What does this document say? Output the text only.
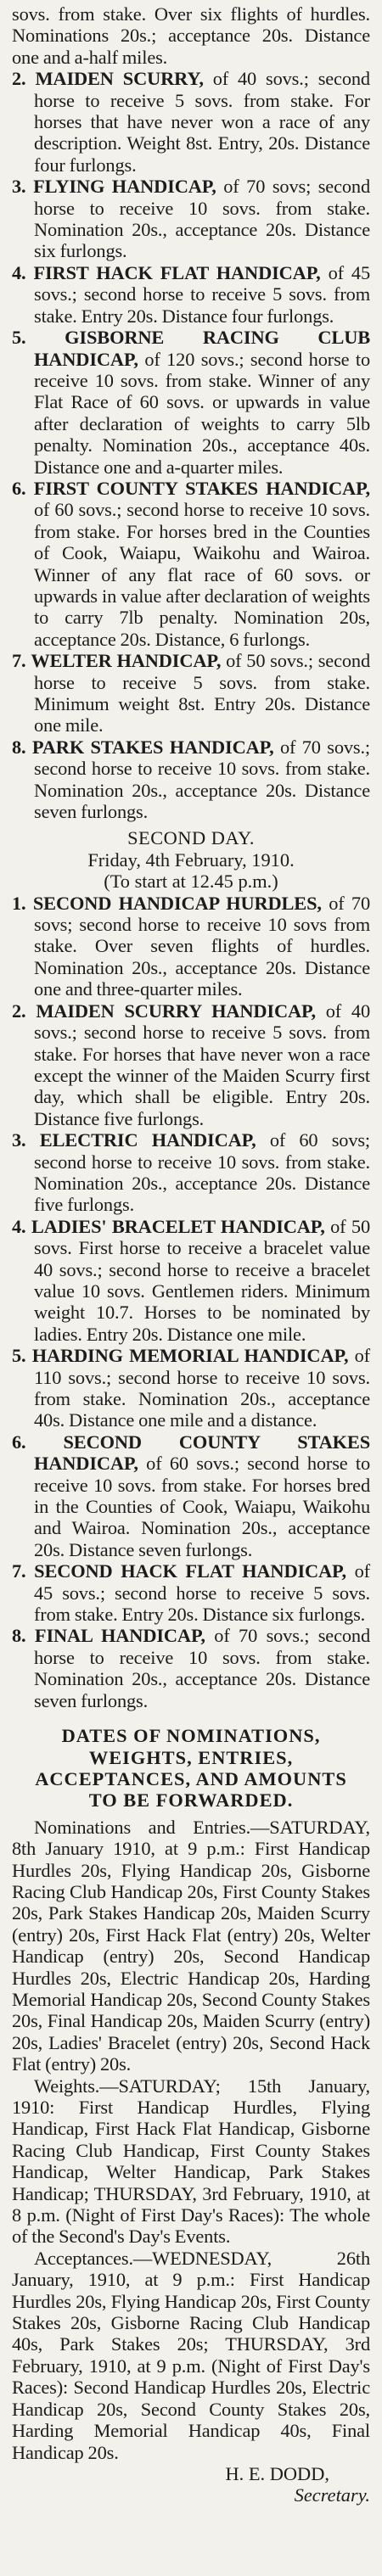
sovs. from stake. Over six flights of hurdles. Nominations 20s.; acceptance 20s. Distance one and a-half miles.

2. MAIDEN SCURRY, of 40 sovs.; second horse to receive 5 sovs. from stake. For horses that have never won a race of any description. Weight 8st. Entry, 20s. Distance four furlongs.

3. FLYING HANDICAP, of 70 sovs; second horse to receive 10 sovs. from stake. Nomination 20s., acceptance 20s. Distance six furlongs.

4. FIRST HACK FLAT HANDICAP, of 45 sovs.; second horse to receive 5 sovs. from stake. Entry 20s. Distance four furlongs.

5. GISBORNE RACING CLUB HANDICAP, of 120 sovs.; second horse to receive 10 sovs. from stake. Winner of any Flat Race of 60 sovs. or upwards in value after declaration of weights to carry 5lb penalty. Nomination 20s., acceptance 40s. Distance one and a-quarter miles.

6. FIRST COUNTY STAKES HANDICAP, of 60 sovs.; second horse to receive 10 sovs. from stake. For horses bred in the Counties of Cook, Waiapu, Waikohu and Wairoa. Winner of any flat race of 60 sovs. or upwards in value after declaration of weights to carry 7lb penalty. Nomination 20s, acceptance 20s. Distance, 6 furlongs.

7. WELTER HANDICAP, of 50 sovs.; second horse to receive 5 sovs. from stake. Minimum weight 8st. Entry 20s. Distance one mile.

8. PARK STAKES HANDICAP, of 70 sovs.; second horse to receive 10 sovs. from stake. Nomination 20s., acceptance 20s. Distance seven furlongs.

SECOND DAY.

Friday, 4th February, 1910.

(To start at 12.45 p.m.)

1. SECOND HANDICAP HURDLES, of 70 sovs; second horse to receive 10 sovs from stake. Over seven flights of hurdles. Nomination 20s., acceptance 20s. Distance one and three-quarter miles.

2. MAIDEN SCURRY HANDICAP, of 40 sovs.; second horse to receive 5 sovs. from stake. For horses that have never won a race except the winner of the Maiden Scurry first day, which shall be eligible. Entry 20s. Distance five furlongs.

3. ELECTRIC HANDICAP, of 60 sovs; second horse to receive 10 sovs. from stake. Nomination 20s., acceptance 20s. Distance five furlongs.

4. LADIES' BRACELET HANDICAP, of 50 sovs. First horse to receive a bracelet value 40 sovs.; second horse to receive a bracelet value 10 sovs. Gentlemen riders. Minimum weight 10.7. Horses to be nominated by ladies. Entry 20s. Distance one mile.

5. HARDING MEMORIAL HANDICAP, of 110 sovs.; second horse to receive 10 sovs. from stake. Nomination 20s., acceptance 40s. Distance one mile and a distance.

6. SECOND COUNTY STAKES HANDICAP, of 60 sovs.; second horse to receive 10 sovs. from stake. For horses bred in the Counties of Cook, Waiapu, Waikohu and Wairoa. Nomination 20s., acceptance 20s. Distance seven furlongs.

7. SECOND HACK FLAT HANDICAP, of 45 sovs.; second horse to receive 5 sovs. from stake. Entry 20s. Distance six furlongs.

8. FINAL HANDICAP, of 70 sovs.; second horse to receive 10 sovs. from stake. Nomination 20s., acceptance 20s. Distance seven furlongs.

DATES OF NOMINATIONS, WEIGHTS, ENTRIES, ACCEPTANCES, AND AMOUNTS TO BE FORWARDED.

Nominations and Entries.—SATURDAY, 8th January 1910, at 9 p.m.: First Handicap Hurdles 20s, Flying Handicap 20s, Gisborne Racing Club Handicap 20s, First County Stakes 20s, Park Stakes Handicap 20s, Maiden Scurry (entry) 20s, First Hack Flat (entry) 20s, Welter Handicap (entry) 20s, Second Handicap Hurdles 20s, Electric Handicap 20s, Harding Memorial Handicap 20s, Second County Stakes 20s, Final Handicap 20s, Maiden Scurry (entry) 20s, Ladies' Bracelet (entry) 20s, Second Hack Flat (entry) 20s.

Weights.—SATURDAY; 15th January, 1910: First Handicap Hurdles, Flying Handicap, First Hack Flat Handicap, Gisborne Racing Club Handicap, First County Stakes Handicap, Welter Handicap, Park Stakes Handicap; THURSDAY, 3rd February, 1910, at 8 p.m. (Night of First Day's Races): The whole of the Second's Day's Events.

Acceptances.—WEDNESDAY, 26th January, 1910, at 9 p.m.: First Handicap Hurdles 20s, Flying Handicap 20s, First County Stakes 20s, Gisborne Racing Club Handicap 40s, Park Stakes 20s; THURSDAY, 3rd February, 1910, at 9 p.m. (Night of First Day's Races): Second Handicap Hurdles 20s, Electric Handicap 20s, Second County Stakes 20s, Harding Memorial Handicap 40s, Final Handicap 20s.

H. E. DODD,

Secretary.
